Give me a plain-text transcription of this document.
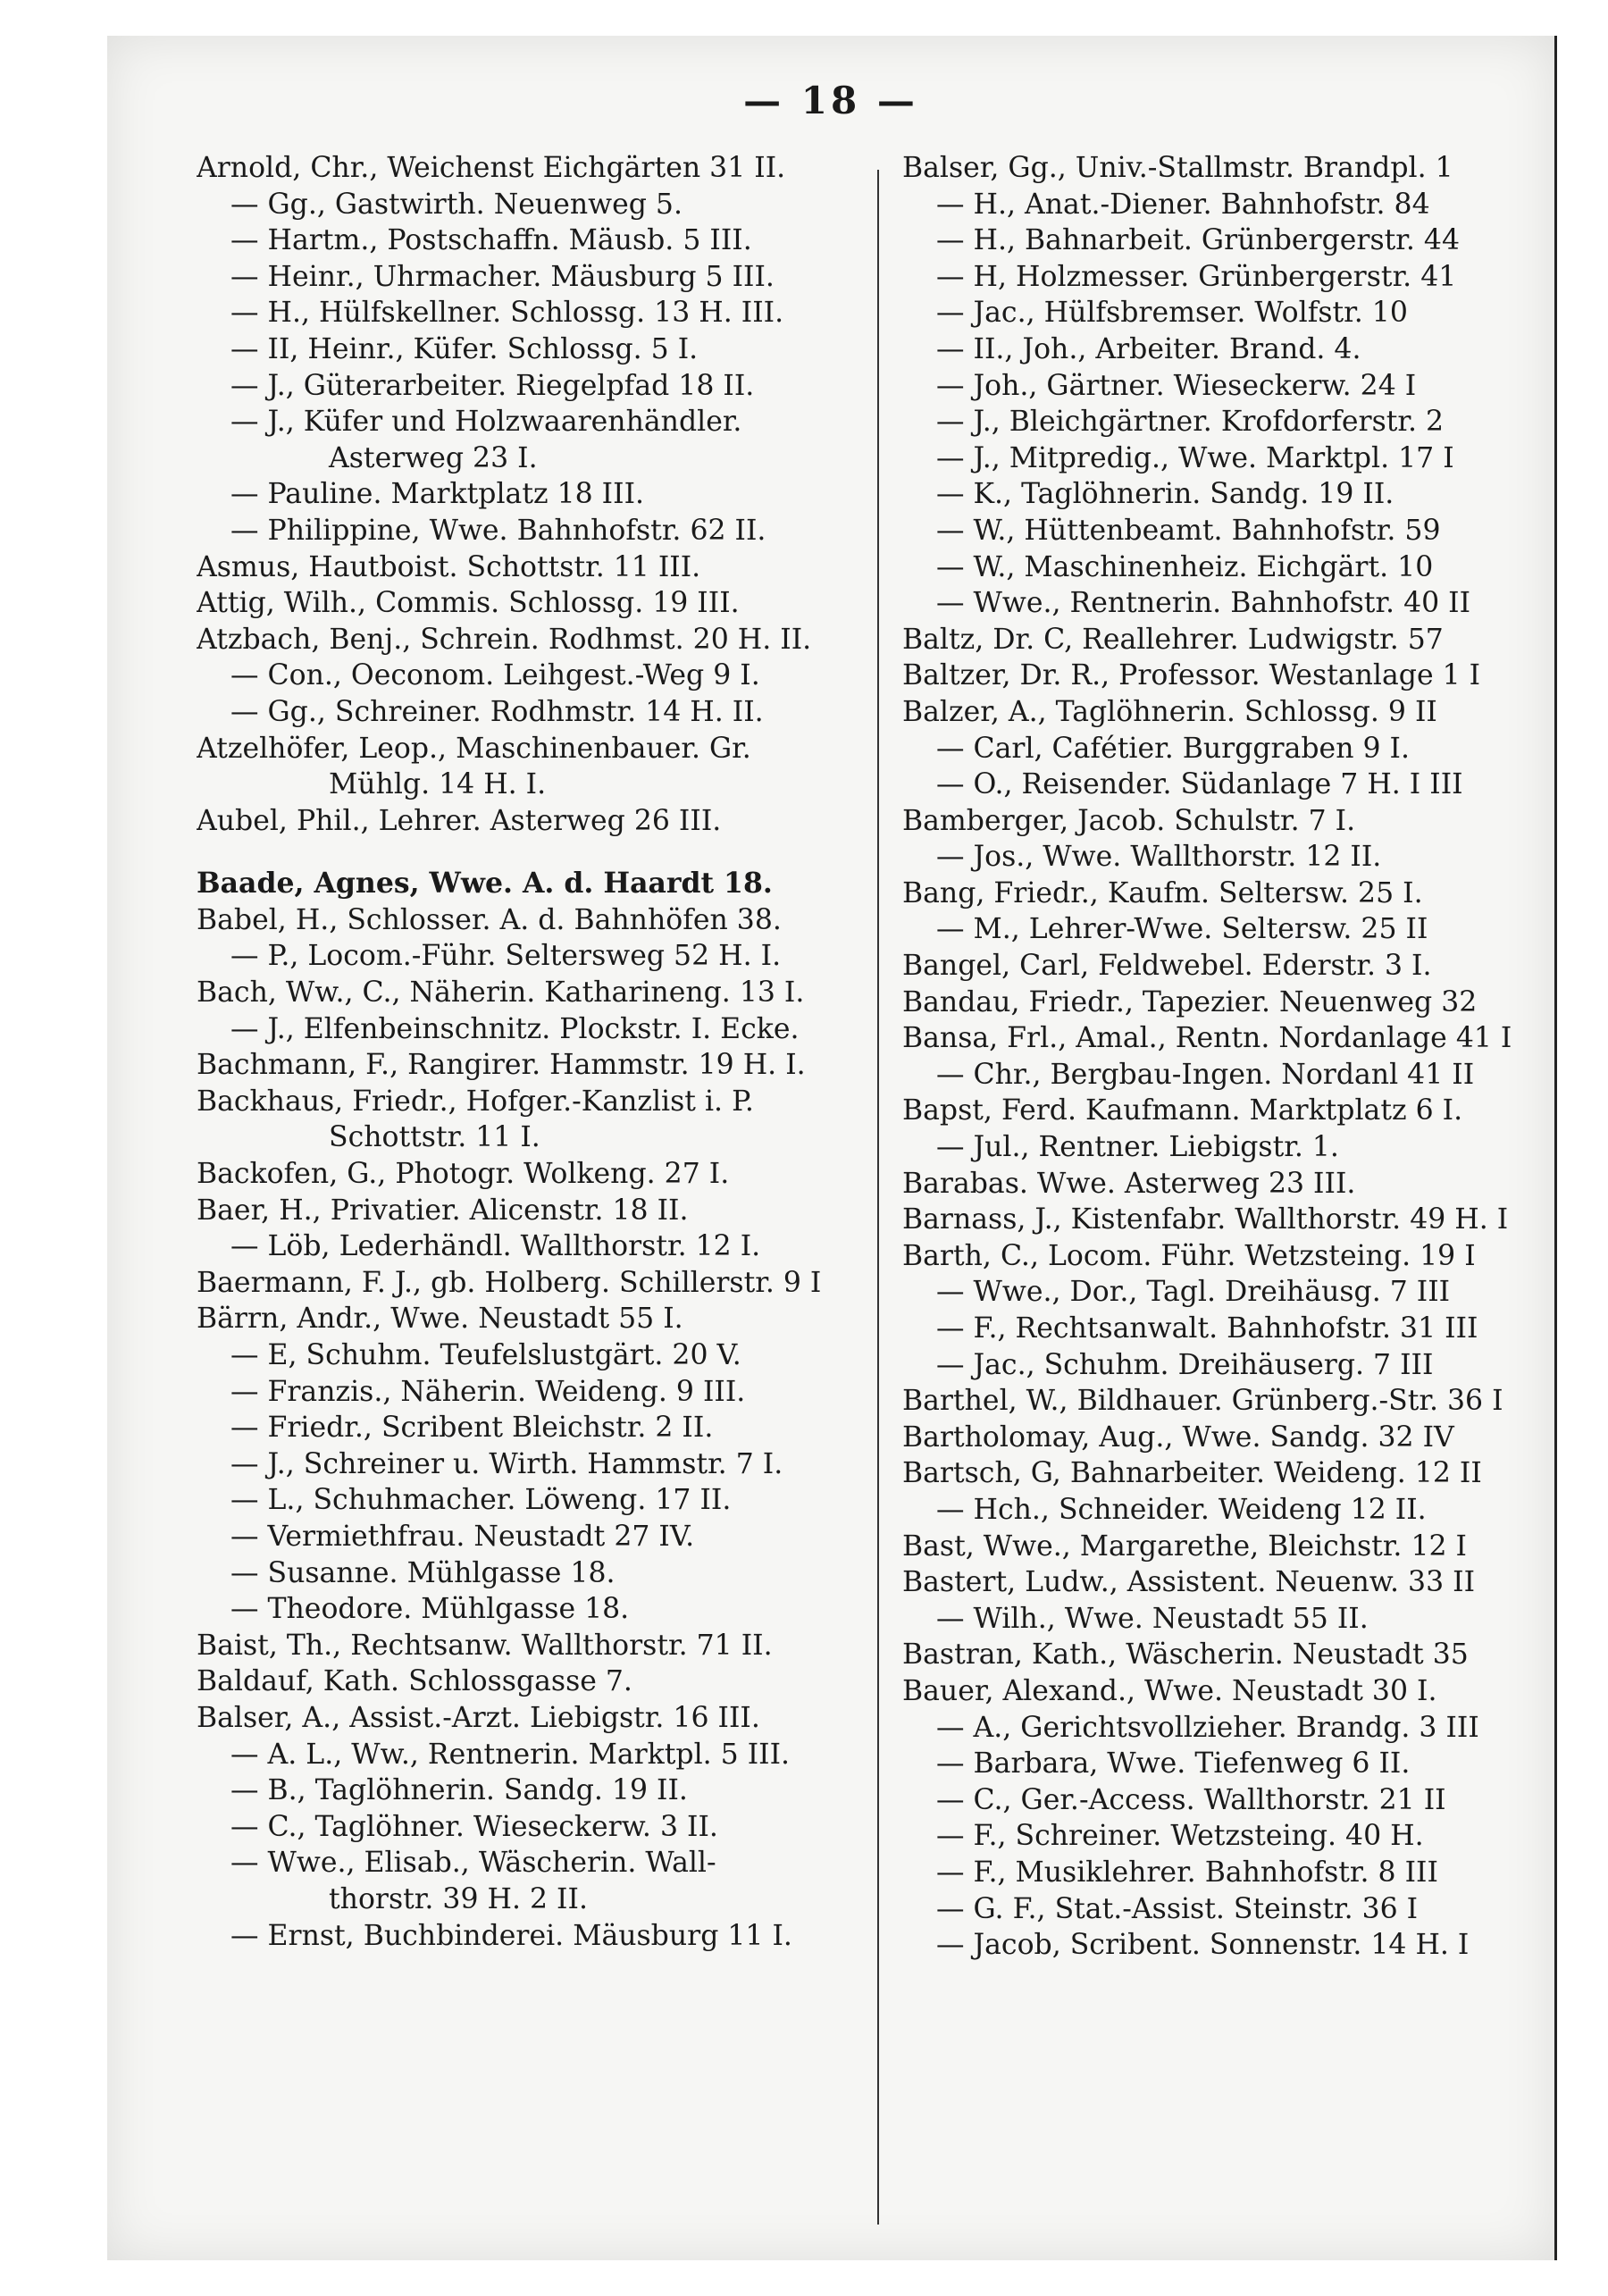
— 18 —
Arnold, Chr., Weichenst Eichgärten 31 II.
— Gg., Gastwirth. Neuenweg 5.
— Hartm., Postschaffn. Mäusb. 5 III.
— Heinr., Uhrmacher. Mäusburg 5 III.
— H., Hülfskellner. Schlossg. 13 H. III.
— II, Heinr., Küfer. Schlossg. 5 I.
— J., Güterarbeiter. Riegelpfad 18 II.
— J., Küfer und Holzwaarenhändler.
Asterweg 23 I.
— Pauline. Marktplatz 18 III.
— Philippine, Wwe. Bahnhofstr. 62 II.
Asmus, Hautboist. Schottstr. 11 III.
Attig, Wilh., Commis. Schlossg. 19 III.
Atzbach, Benj., Schrein. Rodhmst. 20 H. II.
— Con., Oeconom. Leihgest.-Weg 9 I.
— Gg., Schreiner. Rodhmstr. 14 H. II.
Atzelhöfer, Leop., Maschinenbauer. Gr.
Mühlg. 14 H. I.
Aubel, Phil., Lehrer. Asterweg 26 III.
Baade, Agnes, Wwe. A. d. Haardt 18.
Babel, H., Schlosser. A. d. Bahnhöfen 38.
— P., Locom.-Führ. Seltersweg 52 H. I.
Bach, Ww., C., Näherin. Katharineng. 13 I.
— J., Elfenbeinschnitz. Plockstr. I. Ecke.
Bachmann, F., Rangirer. Hammstr. 19 H. I.
Backhaus, Friedr., Hofger.-Kanzlist i. P.
Schottstr. 11 I.
Backofen, G., Photogr. Wolkeng. 27 I.
Baer, H., Privatier. Alicenstr. 18 II.
— Löb, Lederhändl. Wallthorstr. 12 I.
Baermann, F. J., gb. Holberg. Schillerstr. 9 I
Bärrn, Andr., Wwe. Neustadt 55 I.
— E, Schuhm. Teufelslustgärt. 20 V.
— Franzis., Näherin. Weideng. 9 III.
— Friedr., Scribent Bleichstr. 2 II.
— J., Schreiner u. Wirth. Hammstr. 7 I.
— L., Schuhmacher. Löweng. 17 II.
— Vermiethfrau. Neustadt 27 IV.
— Susanne. Mühlgasse 18.
— Theodore. Mühlgasse 18.
Baist, Th., Rechtsanw. Wallthorstr. 71 II.
Baldauf, Kath. Schlossgasse 7.
Balser, A., Assist.-Arzt. Liebigstr. 16 III.
— A. L., Ww., Rentnerin. Marktpl. 5 III.
— B., Taglöhnerin. Sandg. 19 II.
— C., Taglöhner. Wieseckerw. 3 II.
— Wwe., Elisab., Wäscherin. Wall-
thorstr. 39 H. 2 II.
— Ernst, Buchbinderei. Mäusburg 11 I.
Balser, Gg., Univ.-Stallmstr. Brandpl. 1
— H., Anat.-Diener. Bahnhofstr. 84
— H., Bahnarbeit. Grünbergerstr. 44
— H, Holzmesser. Grünbergerstr. 41
— Jac., Hülfsbremser. Wolfstr. 10
— II., Joh., Arbeiter. Brand. 4.
— Joh., Gärtner. Wieseckerw. 24 I
— J., Bleichgärtner. Krofdorferstr. 2
— J., Mitpredig., Wwe. Marktpl. 17 I
— K., Taglöhnerin. Sandg. 19 II.
— W., Hüttenbeamt. Bahnhofstr. 59
— W., Maschinenheiz. Eichgärt. 10
— Wwe., Rentnerin. Bahnhofstr. 40 II
Baltz, Dr. C, Reallehrer. Ludwigstr. 57
Baltzer, Dr. R., Professor. Westanlage 1 I
Balzer, A., Taglöhnerin. Schlossg. 9 II
— Carl, Cafétier. Burggraben 9 I.
— O., Reisender. Südanlage 7 H. I III
Bamberger, Jacob. Schulstr. 7 I.
— Jos., Wwe. Wallthorstr. 12 II.
Bang, Friedr., Kaufm. Seltersw. 25 I.
— M., Lehrer-Wwe. Seltersw. 25 II
Bangel, Carl, Feldwebel. Ederstr. 3 I.
Bandau, Friedr., Tapezier. Neuenweg 32
Bansa, Frl., Amal., Rentn. Nordanlage 41 I
— Chr., Bergbau-Ingen. Nordanl 41 II
Bapst, Ferd. Kaufmann. Marktplatz 6 I.
— Jul., Rentner. Liebigstr. 1.
Barabas. Wwe. Asterweg 23 III.
Barnass, J., Kistenfabr. Wallthorstr. 49 H. I
Barth, C., Locom. Führ. Wetzsteing. 19 I
— Wwe., Dor., Tagl. Dreihäusg. 7 III
— F., Rechtsanwalt. Bahnhofstr. 31 III
— Jac., Schuhm. Dreihäuserg. 7 III
Barthel, W., Bildhauer. Grünberg.-Str. 36 I
Bartholomay, Aug., Wwe. Sandg. 32 IV
Bartsch, G, Bahnarbeiter. Weideng. 12 II
— Hch., Schneider. Weideng 12 II.
Bast, Wwe., Margarethe, Bleichstr. 12 I
Bastert, Ludw., Assistent. Neuenw. 33 II
— Wilh., Wwe. Neustadt 55 II.
Bastran, Kath., Wäscherin. Neustadt 35
Bauer, Alexand., Wwe. Neustadt 30 I.
— A., Gerichtsvollzieher. Brandg. 3 III
— Barbara, Wwe. Tiefenweg 6 II.
— C., Ger.-Access. Wallthorstr. 21 II
— F., Schreiner. Wetzsteing. 40 H.
— F., Musiklehrer. Bahnhofstr. 8 III
— G. F., Stat.-Assist. Steinstr. 36 I
— Jacob, Scribent. Sonnenstr. 14 H. I
